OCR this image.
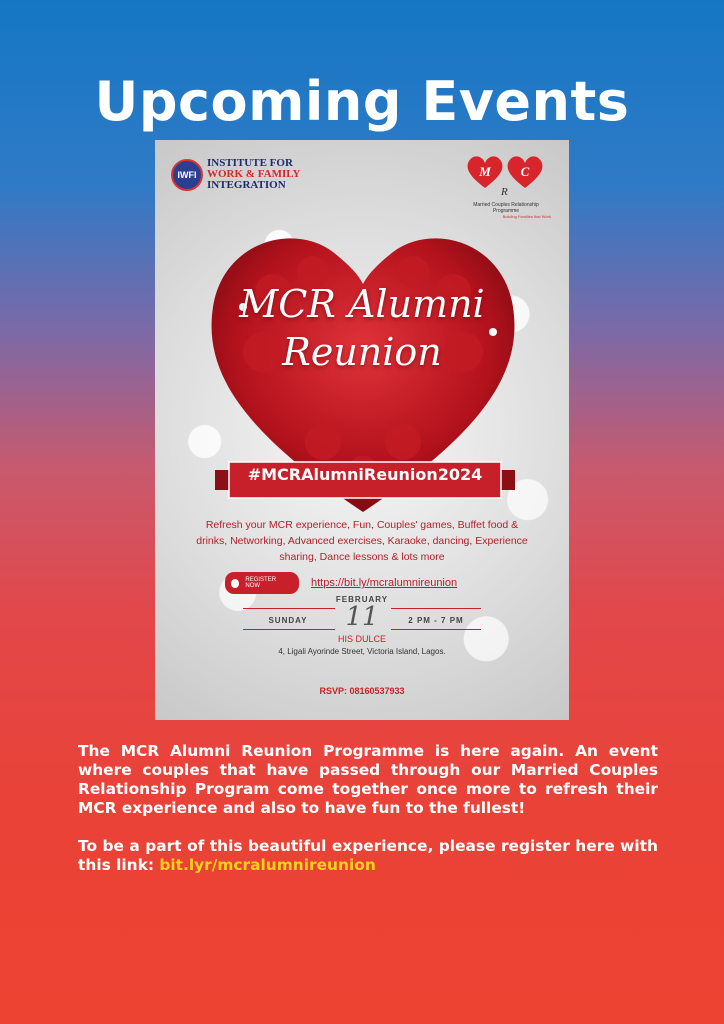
Upcoming Events
IWFI
INSTITUTE FOR
WORK & FAMILY
INTEGRATION
M	C
R
Married Couples Relationship Programme
Building Families that Work
MCR Alumni
Reunion
#MCRAlumniReunion2024
Refresh your MCR experience, Fun, Couples' games, Buffet food & drinks, Networking, Advanced exercises, Karaoke, dancing, Experience sharing, Dance lessons & lots more
REGISTER NOW	https://bit.ly/mcralumnireunion
FEBRUARY
SUNDAY	11	2 PM - 7 PM
HIS DULCE
4, Ligali Ayorinde Street, Victoria Island, Lagos.
RSVP: 08160537933

The MCR Alumni Reunion Programme is here again. An event where couples that have passed through our Married Couples Relationship Program come together once more to refresh their MCR experience and also to have fun to the fullest!

To be a part of this beautiful experience, please register here with this link: bit.lyr/mcralumnireunion
